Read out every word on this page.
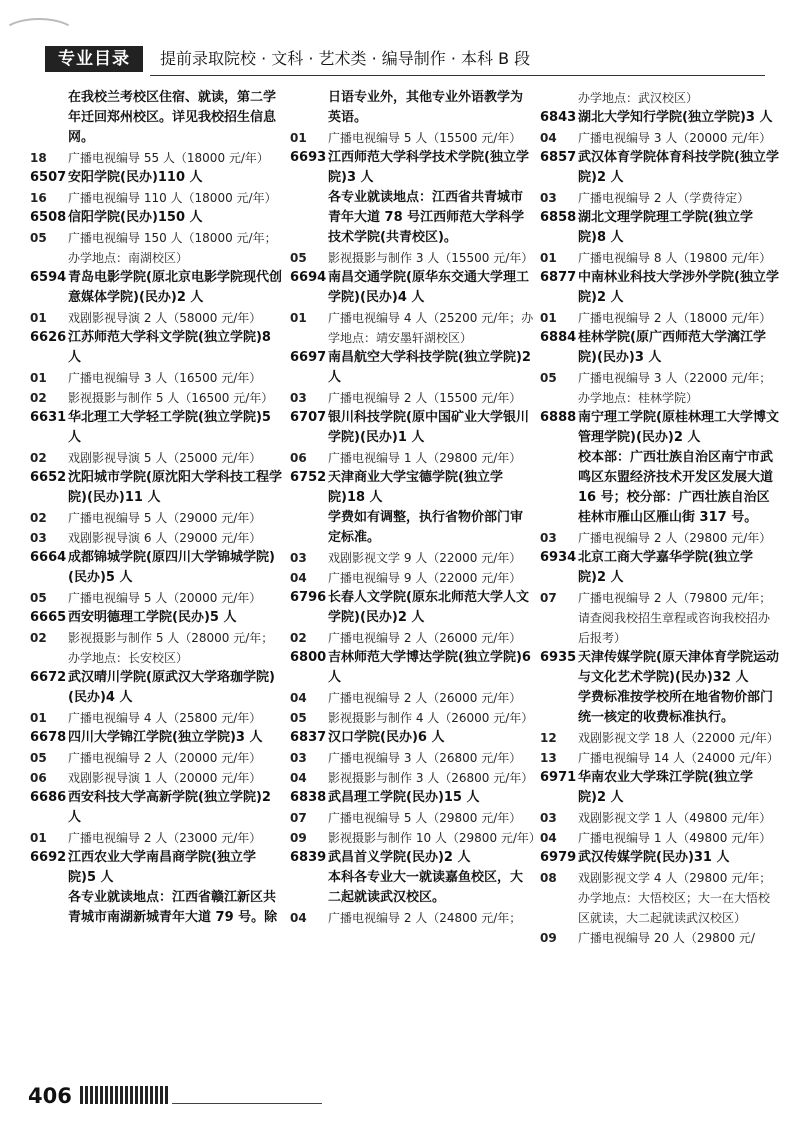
专业目录	提前录取院校 · 文科 · 艺术类 · 编导制作 · 本科 B 段
在我校兰考校区住宿、就读，第二学年迁回郑州校区。详见我校招生信息网。
18	广播电视编导 55 人（18000 元/年）
6507 安阳学院(民办)110 人
16	广播电视编导 110 人（18000 元/年）
6508 信阳学院(民办)150 人
05	广播电视编导 150 人（18000 元/年；办学地点：南湖校区）
6594 青岛电影学院(原北京电影学院现代创意媒体学院)(民办)2 人
01	戏剧影视导演 2 人（58000 元/年）
6626 江苏师范大学科文学院(独立学院)8 人
01	广播电视编导 3 人（16500 元/年）
02	影视摄影与制作 5 人（16500 元/年）
6631 华北理工大学轻工学院(独立学院)5 人
02	戏剧影视导演 5 人（25000 元/年）
6652 沈阳城市学院(原沈阳大学科技工程学院)(民办)11 人
02	广播电视编导 5 人（29000 元/年）
03	戏剧影视导演 6 人（29000 元/年）
6664 成都锦城学院(原四川大学锦城学院)(民办)5 人
05	广播电视编导 5 人（20000 元/年）
6665 西安明德理工学院(民办)5 人
02	影视摄影与制作 5 人（28000 元/年；办学地点：长安校区）
6672 武汉晴川学院(原武汉大学珞珈学院)(民办)4 人
01	广播电视编导 4 人（25800 元/年）
6678 四川大学锦江学院(独立学院)3 人
05	广播电视编导 2 人（20000 元/年）
06	戏剧影视导演 1 人（20000 元/年）
6686 西安科技大学高新学院(独立学院)2 人
01	广播电视编导 2 人（23000 元/年）
6692 江西农业大学南昌商学院(独立学院)5 人
各专业就读地点：江西省赣江新区共青城市南湖新城青年大道 79 号。除
日语专业外，其他专业外语教学为英语。
01	广播电视编导 5 人（15500 元/年）
6693 江西师范大学科学技术学院(独立学院)3 人
各专业就读地点：江西省共青城市青年大道 78 号江西师范大学科学技术学院(共青校区)。
05	影视摄影与制作 3 人（15500 元/年）
6694 南昌交通学院(原华东交通大学理工学院)(民办)4 人
01	广播电视编导 4 人（25200 元/年；办学地点：靖安墨轩湖校区）
6697 南昌航空大学科技学院(独立学院)2 人
03	广播电视编导 2 人（15500 元/年）
6707 银川科技学院(原中国矿业大学银川学院)(民办)1 人
06	广播电视编导 1 人（29800 元/年）
6752 天津商业大学宝德学院(独立学院)18 人
学费如有调整，执行省物价部门审定标准。
03	戏剧影视文学 9 人（22000 元/年）
04	广播电视编导 9 人（22000 元/年）
6796 长春人文学院(原东北师范大学人文学院)(民办)2 人
02	广播电视编导 2 人（26000 元/年）
6800 吉林师范大学博达学院(独立学院)6 人
04	广播电视编导 2 人（26000 元/年）
05	影视摄影与制作 4 人（26000 元/年）
6837 汉口学院(民办)6 人
03	广播电视编导 3 人（26800 元/年）
04	影视摄影与制作 3 人（26800 元/年）
6838 武昌理工学院(民办)15 人
07	广播电视编导 5 人（29800 元/年）
09	影视摄影与制作 10 人（29800 元/年）
6839 武昌首义学院(民办)2 人
本科各专业大一就读嘉鱼校区，大二起就读武汉校区。
04	广播电视编导 2 人（24800 元/年；
办学地点：武汉校区）
6843 湖北大学知行学院(独立学院)3 人
04	广播电视编导 3 人（20000 元/年）
6857 武汉体育学院体育科技学院(独立学院)2 人
03	广播电视编导 2 人（学费待定）
6858 湖北文理学院理工学院(独立学院)8 人
01	广播电视编导 8 人（19800 元/年）
6877 中南林业科技大学涉外学院(独立学院)2 人
01	广播电视编导 2 人（18000 元/年）
6884 桂林学院(原广西师范大学漓江学院)(民办)3 人
05	广播电视编导 3 人（22000 元/年；办学地点：桂林学院）
6888 南宁理工学院(原桂林理工大学博文管理学院)(民办)2 人
校本部：广西壮族自治区南宁市武鸣区东盟经济技术开发区发展大道 16 号；校分部：广西壮族自治区桂林市雁山区雁山街 317 号。
03	广播电视编导 2 人（29800 元/年）
6934 北京工商大学嘉华学院(独立学院)2 人
07	广播电视编导 2 人（79800 元/年；请查阅我校招生章程或咨询我校招办后报考）
6935 天津传媒学院(原天津体育学院运动与文化艺术学院)(民办)32 人
学费标准按学校所在地省物价部门统一核定的收费标准执行。
12	戏剧影视文学 18 人（22000 元/年）
13	广播电视编导 14 人（24000 元/年）
6971 华南农业大学珠江学院(独立学院)2 人
03	戏剧影视文学 1 人（49800 元/年）
04	广播电视编导 1 人（49800 元/年）
6979 武汉传媒学院(民办)31 人
08	戏剧影视文学 4 人（29800 元/年；办学地点：大悟校区；大一在大悟校区就读，大二起就读武汉校区）
09	广播电视编导 20 人（29800 元/
406
